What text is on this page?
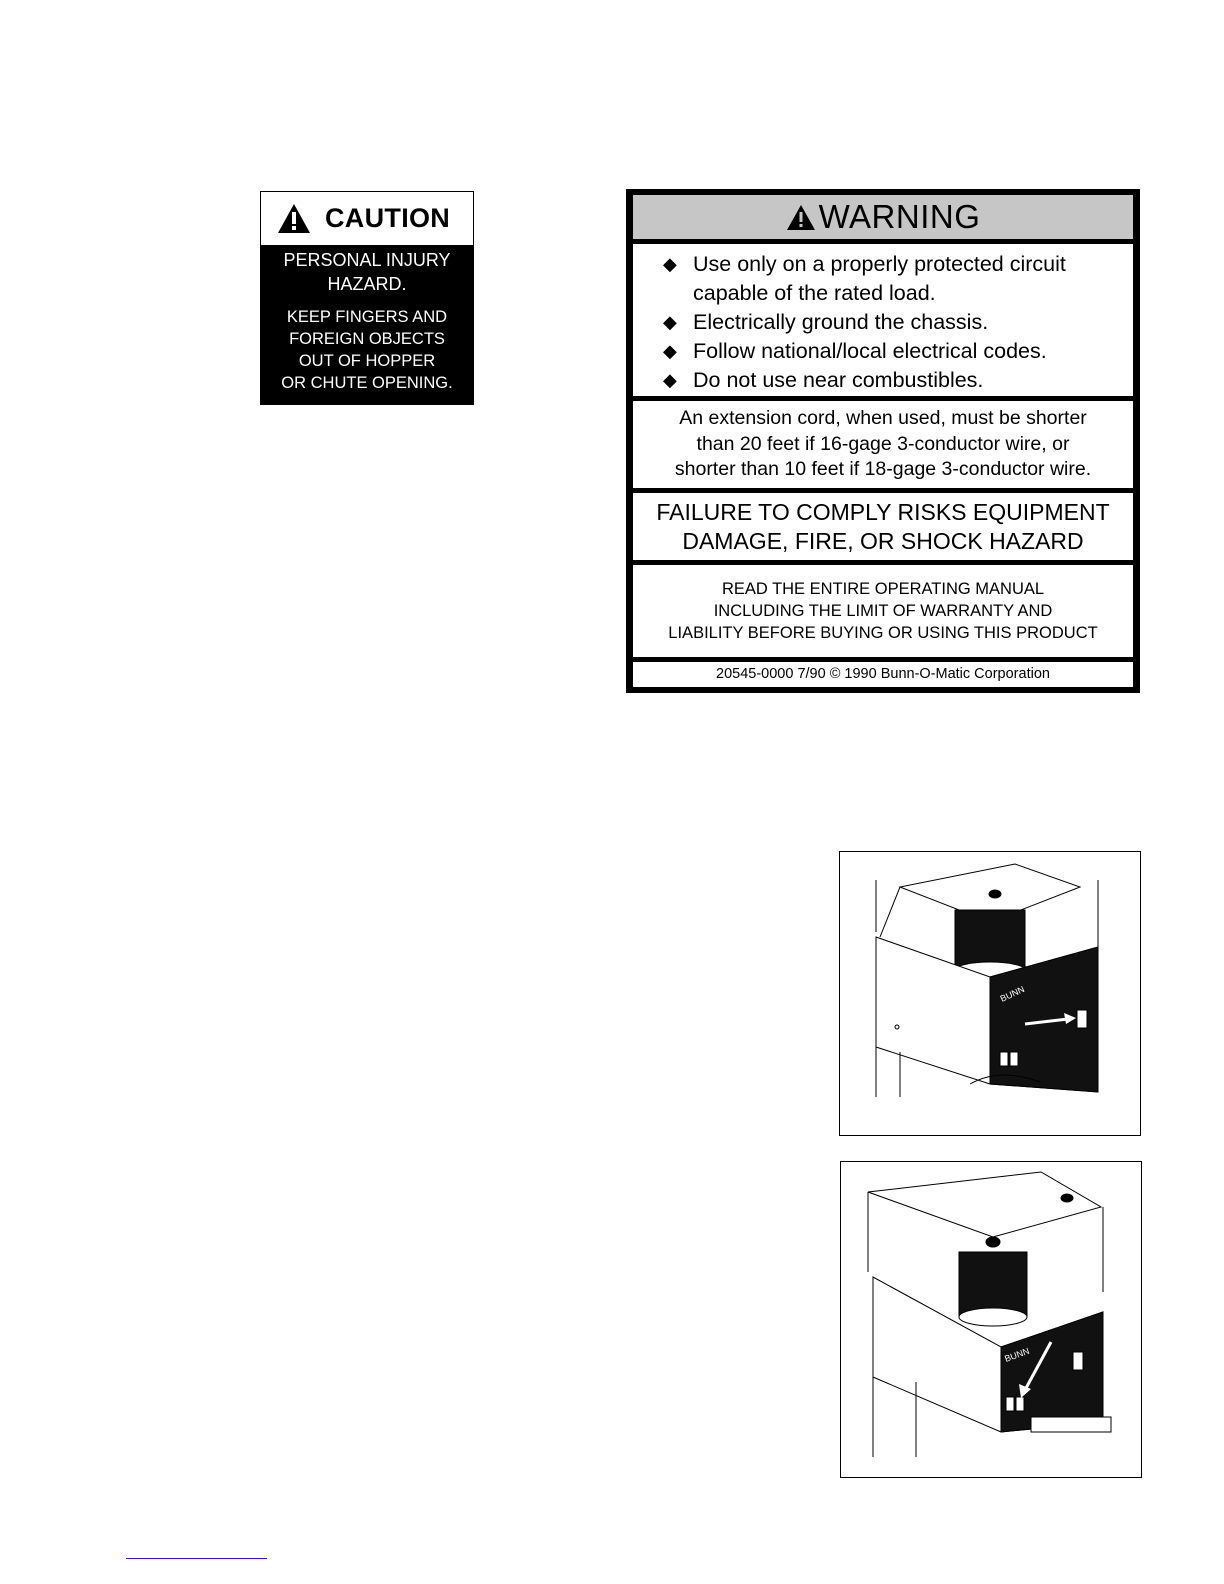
CAUTION
PERSONAL INJURY
HAZARD.
KEEP FINGERS AND
FOREIGN OBJECTS
OUT OF HOPPER
OR CHUTE OPENING.
WARNING
◆ Use only on a properly protected circuit
capable of the rated load.
◆ Electrically ground the chassis.
◆ Follow national/local electrical codes.
◆ Do not use near combustibles.
An extension cord, when used, must be shorter
than 20 feet if 16-gage 3-conductor wire, or
shorter than 10 feet if 18-gage 3-conductor wire.
FAILURE TO COMPLY RISKS EQUIPMENT
DAMAGE, FIRE, OR SHOCK HAZARD
READ THE ENTIRE OPERATING MANUAL
INCLUDING THE LIMIT OF WARRANTY AND
LIABILITY BEFORE BUYING OR USING THIS PRODUCT
20545-0000 7/90 © 1990 Bunn-O-Matic Corporation
BUNN
BUNN
